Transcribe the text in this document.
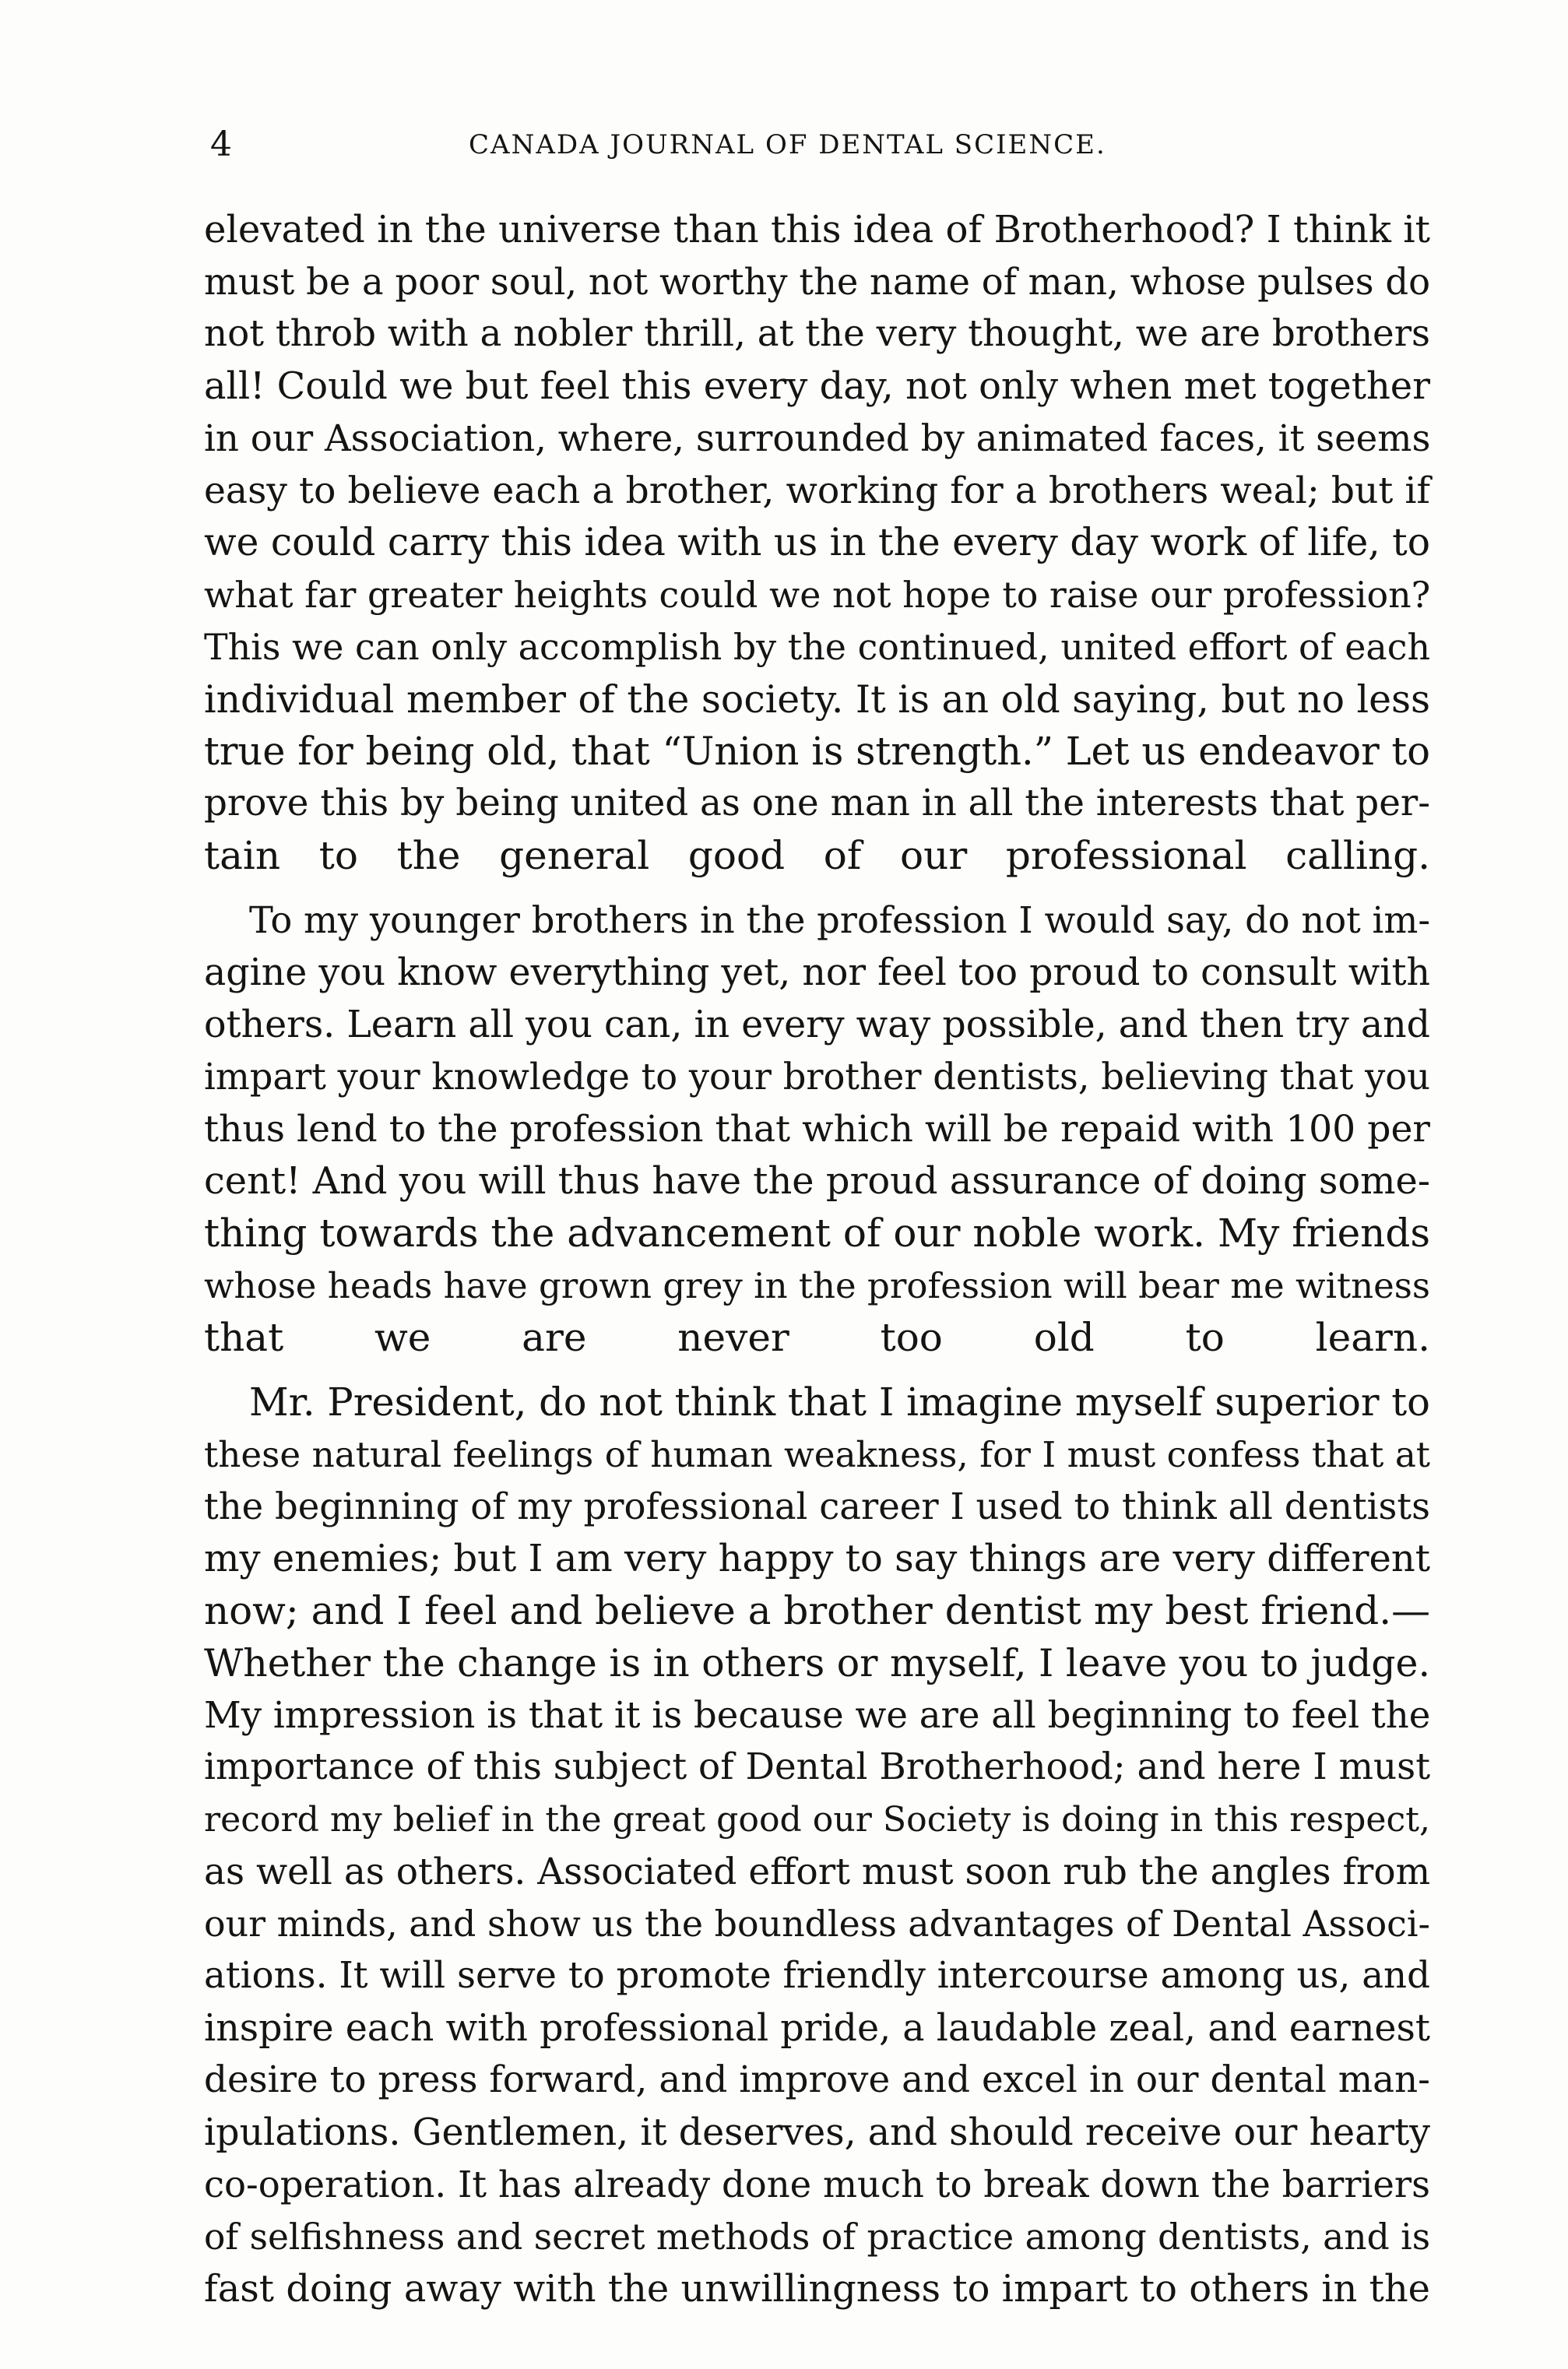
4	CANADA JOURNAL OF DENTAL SCIENCE.

elevated in the universe than this idea of Brotherhood? I think it
must be a poor soul, not worthy the name of man, whose pulses do
not throb with a nobler thrill, at the very thought, we are brothers
all! Could we but feel this every day, not only when met together
in our Association, where, surrounded by animated faces, it seems
easy to believe each a brother, working for a brothers weal; but if
we could carry this idea with us in the every day work of life, to
what far greater heights could we not hope to raise our profession?
This we can only accomplish by the continued, united effort of each
individual member of the society. It is an old saying, but no less
true for being old, that “Union is strength.” Let us endeavor to
prove this by being united as one man in all the interests that per-
tain to the general good of our professional calling.

To my younger brothers in the profession I would say, do not im-
agine you know everything yet, nor feel too proud to consult with
others. Learn all you can, in every way possible, and then try and
impart your knowledge to your brother dentists, believing that you
thus lend to the profession that which will be repaid with 100 per
cent! And you will thus have the proud assurance of doing some-
thing towards the advancement of our noble work. My friends
whose heads have grown grey in the profession will bear me witness
that we are never too old to learn.

Mr. President, do not think that I imagine myself superior to
these natural feelings of human weakness, for I must confess that at
the beginning of my professional career I used to think all dentists
my enemies; but I am very happy to say things are very different
now; and I feel and believe a brother dentist my best friend.—
Whether the change is in others or myself, I leave you to judge.
My impression is that it is because we are all beginning to feel the
importance of this subject of Dental Brotherhood; and here I must
record my belief in the great good our Society is doing in this respect,
as well as others. Associated effort must soon rub the angles from
our minds, and show us the boundless advantages of Dental Associ-
ations. It will serve to promote friendly intercourse among us, and
inspire each with professional pride, a laudable zeal, and earnest
desire to press forward, and improve and excel in our dental man-
ipulations. Gentlemen, it deserves, and should receive our hearty
co-operation. It has already done much to break down the barriers
of selfishness and secret methods of practice among dentists, and is
fast doing away with the unwillingness to impart to others in the
